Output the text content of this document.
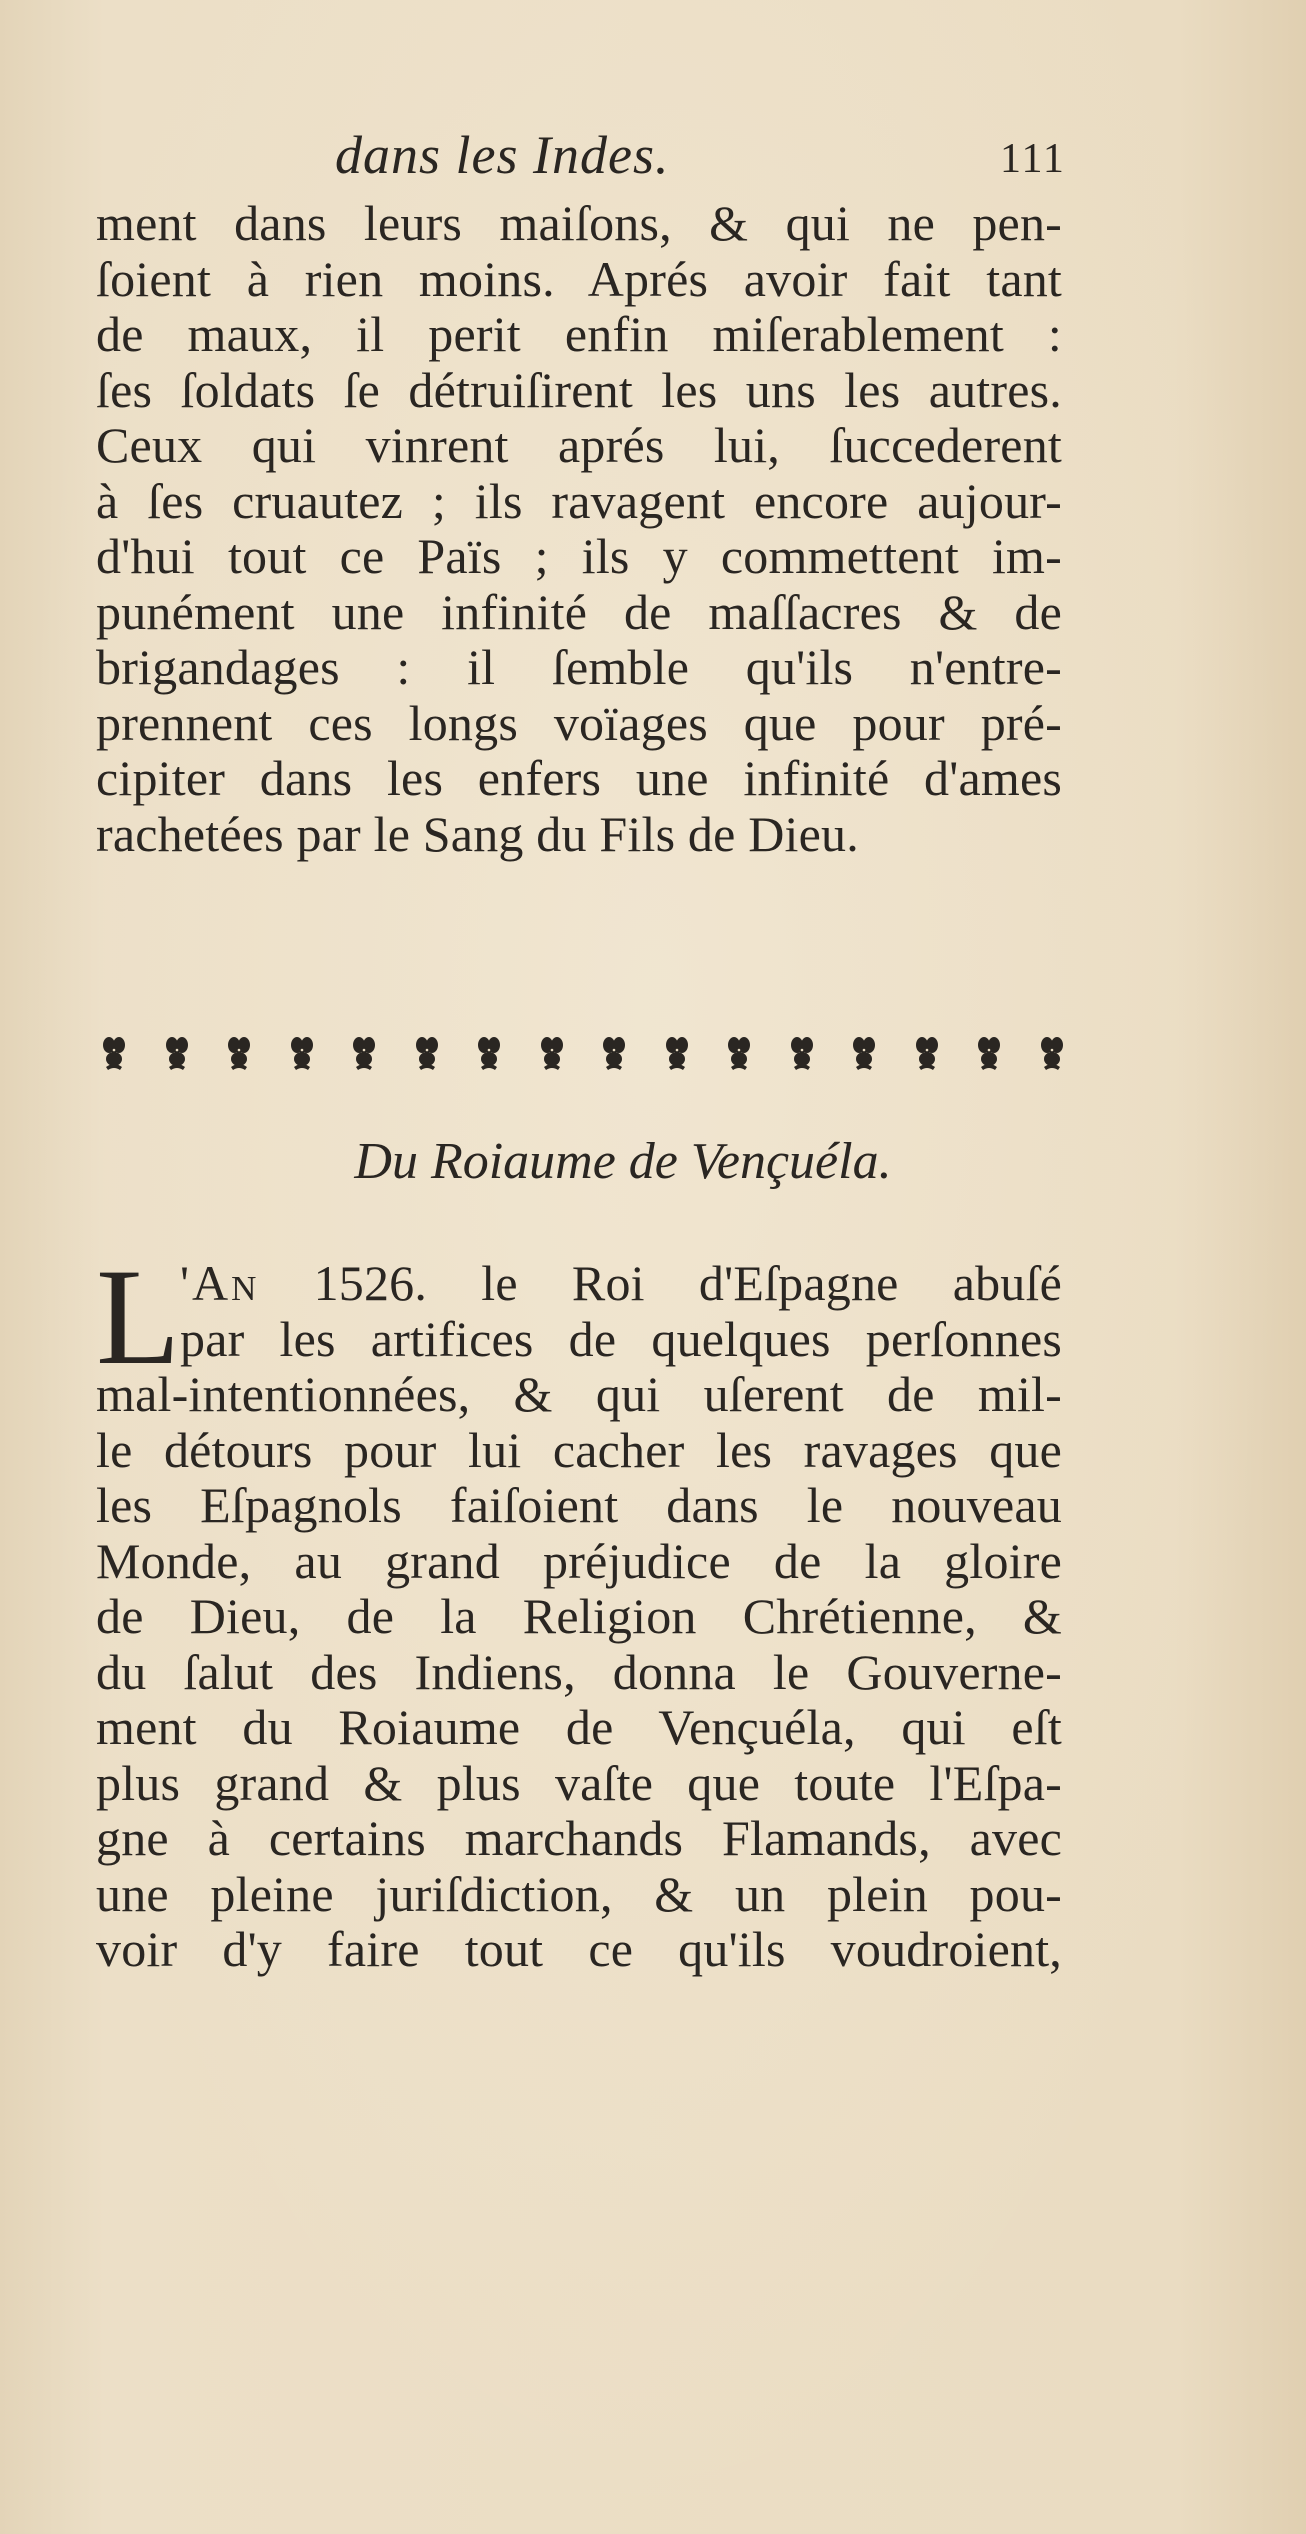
dans les Indes.	111
ment dans leurs maiſons, & qui ne pen-
ſoient à rien moins. Aprés avoir fait tant
de maux, il perit enfin miſerablement :
ſes ſoldats ſe détruiſirent les uns les autres.
Ceux qui vinrent aprés lui, ſuccederent
à ſes cruautez ; ils ravagent encore aujour-
d'hui tout ce Païs ; ils y commettent im-
punément une infinité de maſſacres & de
brigandages : il ſemble qu'ils n'entre-
prennent ces longs voïages que pour pré-
cipiter dans les enfers une infinité d'ames
rachetées par le Sang du Fils de Dieu.
Du Roiaume de Vençuéla.
L 'An 1526. le Roi d'Eſpagne abuſé
par les artifices de quelques perſonnes
mal-intentionnées, & qui uſerent de mil-
le détours pour lui cacher les ravages que
les Eſpagnols faiſoient dans le nouveau
Monde, au grand préjudice de la gloire
de Dieu, de la Religion Chrétienne, &
du ſalut des Indiens, donna le Gouverne-
ment du Roiaume de Vençuéla, qui eſt
plus grand & plus vaſte que toute l'Eſpa-
gne à certains marchands Flamands, avec
une pleine juriſdiction, & un plein pou-
voir d'y faire tout ce qu'ils voudroient,
